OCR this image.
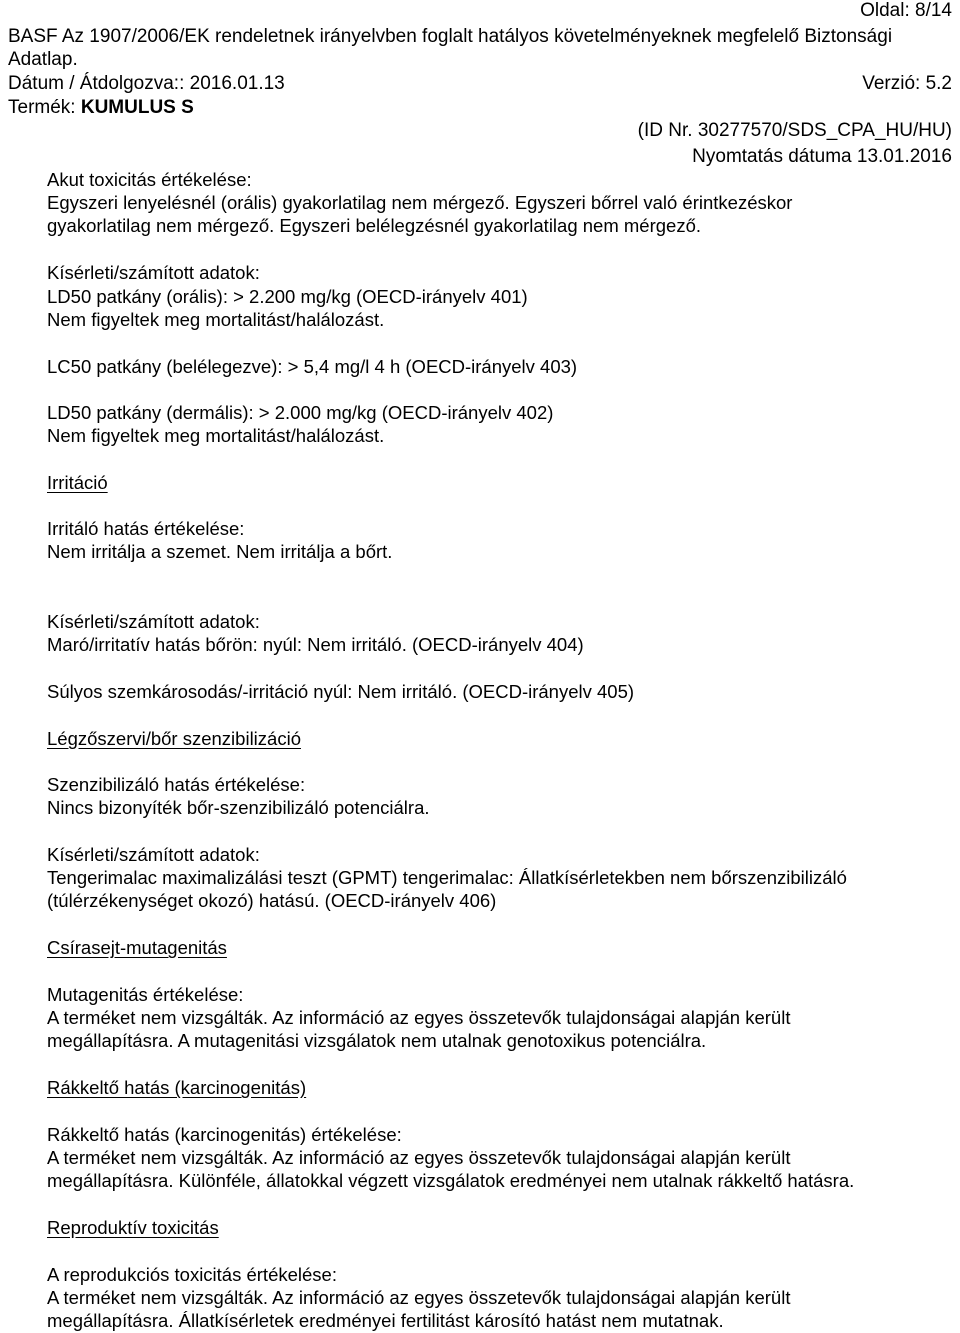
Oldal: 8/14
BASF Az 1907/2006/EK rendeletnek irányelvben foglalt hatályos követelményeknek megfelelő Biztonsági
Adatlap.
Dátum / Átdolgozva:: 2016.01.13	Verzió: 5.2
Termék: KUMULUS S
(ID Nr. 30277570/SDS_CPA_HU/HU)
Nyomtatás dátuma 13.01.2016
Akut toxicitás értékelése:
Egyszeri lenyelésnél (orális) gyakorlatilag nem mérgező. Egyszeri bőrrel való érintkezéskor
gyakorlatilag nem mérgező. Egyszeri belélegzésnél gyakorlatilag nem mérgező.
Kísérleti/számított adatok:
LD50 patkány (orális): > 2.200 mg/kg (OECD-irányelv 401)
Nem figyeltek meg mortalitást/halálozást.
LC50 patkány (belélegezve): > 5,4 mg/l 4 h (OECD-irányelv 403)
LD50 patkány (dermális): > 2.000 mg/kg (OECD-irányelv 402)
Nem figyeltek meg mortalitást/halálozást.
Irritáció
Irritáló hatás értékelése:
Nem irritálja a szemet. Nem irritálja a bőrt.
Kísérleti/számított adatok:
Maró/irritatív hatás bőrön: nyúl: Nem irritáló. (OECD-irányelv 404)
Súlyos szemkárosodás/-irritáció nyúl: Nem irritáló. (OECD-irányelv 405)
Légzőszervi/bőr szenzibilizáció
Szenzibilizáló hatás értékelése:
Nincs bizonyíték bőr-szenzibilizáló potenciálra.
Kísérleti/számított adatok:
Tengerimalac maximalizálási teszt (GPMT) tengerimalac: Állatkísérletekben nem bőrszenzibilizáló
(túlérzékenységet okozó) hatású. (OECD-irányelv 406)
Csírasejt-mutagenitás
Mutagenitás értékelése:
A terméket nem vizsgálták. Az információ az egyes összetevők tulajdonságai alapján került
megállapításra. A mutagenitási vizsgálatok nem utalnak genotoxikus potenciálra.
Rákkeltő hatás (karcinogenitás)
Rákkeltő hatás (karcinogenitás) értékelése:
A terméket nem vizsgálták. Az információ az egyes összetevők tulajdonságai alapján került
megállapításra. Különféle, állatokkal végzett vizsgálatok eredményei nem utalnak rákkeltő hatásra.
Reproduktív toxicitás
A reprodukciós toxicitás értékelése:
A terméket nem vizsgálták. Az információ az egyes összetevők tulajdonságai alapján került
megállapításra. Állatkísérletek eredményei fertilitást károsító hatást nem mutatnak.
